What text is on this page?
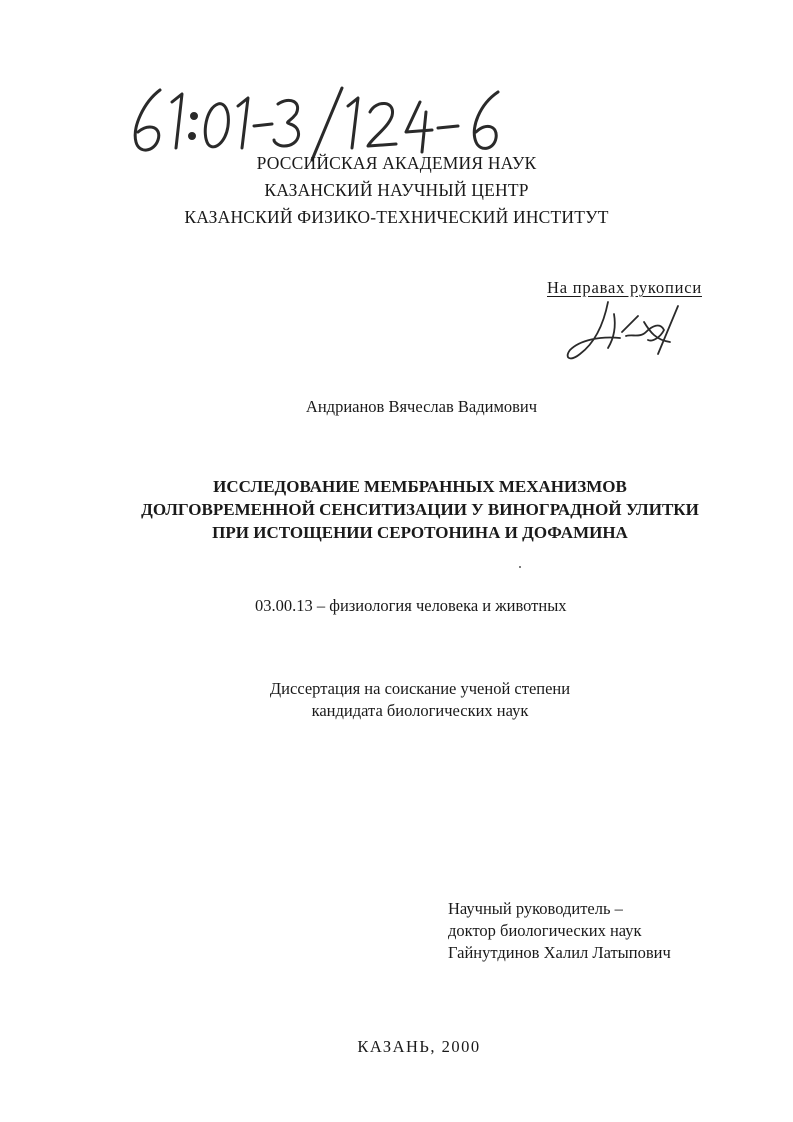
РОССИЙСКАЯ АКАДЕМИЯ НАУК
КАЗАНСКИЙ НАУЧНЫЙ ЦЕНТР
КАЗАНСКИЙ ФИЗИКО-ТЕХНИЧЕСКИЙ ИНСТИТУТ
На правах рукописи
Андрианов Вячеслав Вадимович
ИССЛЕДОВАНИЕ МЕМБРАННЫХ МЕХАНИЗМОВ
ДОЛГОВРЕМЕННОЙ СЕНСИТИЗАЦИИ У ВИНОГРАДНОЙ УЛИТКИ
ПРИ ИСТОЩЕНИИ СЕРОТОНИНА И ДОФАМИНА
03.00.13 – физиология человека и животных
Диссертация на соискание ученой степени
кандидата биологических наук
Научный руководитель –
доктор биологических наук
Гайнутдинов Халил Латыпович
КАЗАНЬ, 2000
